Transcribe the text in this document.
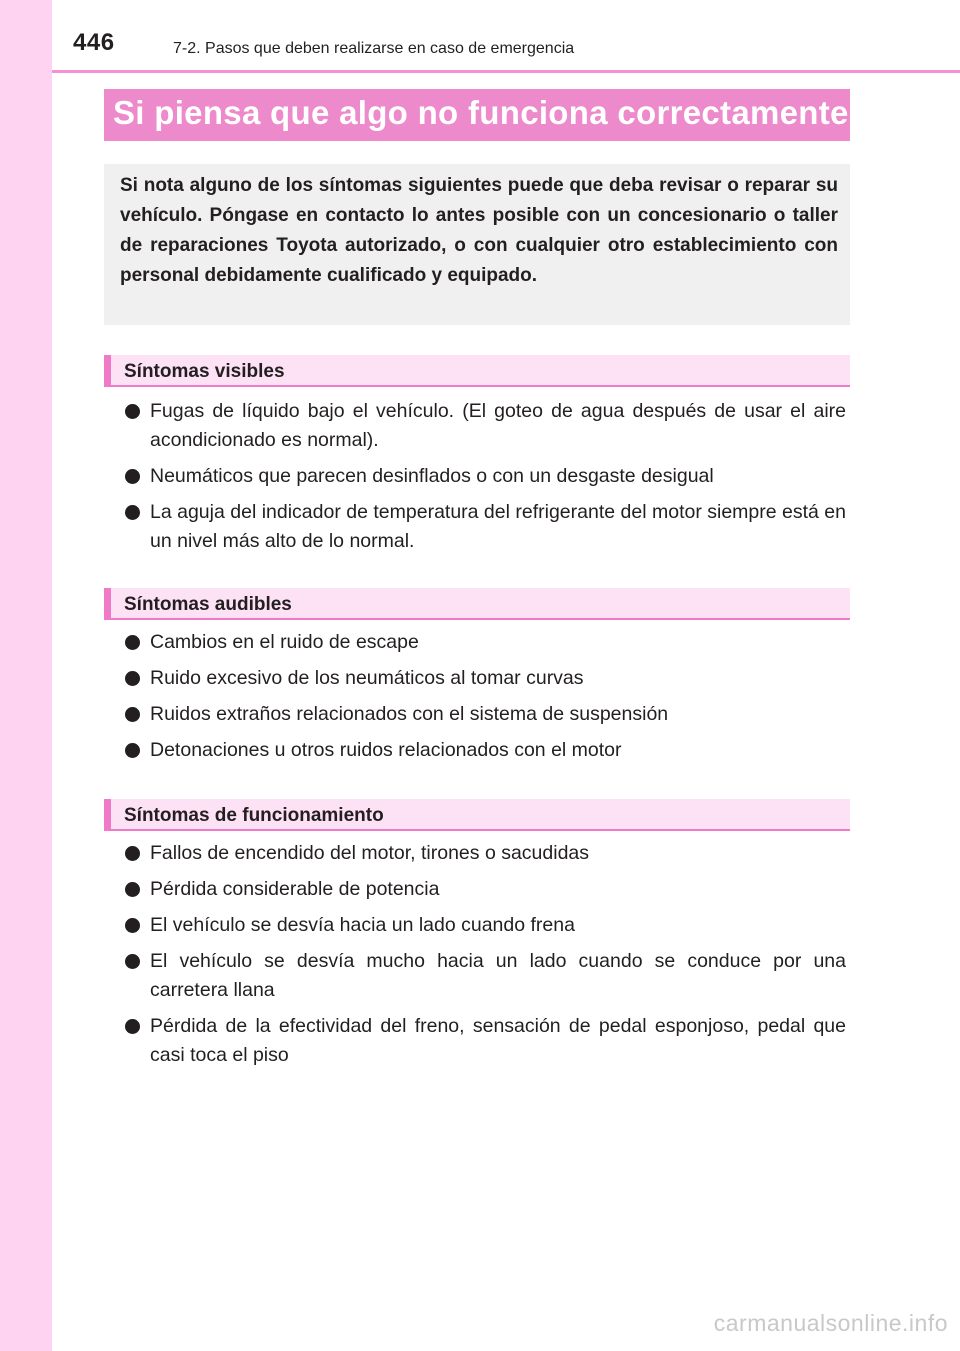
446	7-2. Pasos que deben realizarse en caso de emergencia
Si piensa que algo no funciona correctamente

Si nota alguno de los síntomas siguientes puede que deba revisar o reparar su vehículo. Póngase en contacto lo antes posible con un concesionario o taller de reparaciones Toyota autorizado, o con cualquier otro establecimiento con personal debidamente cualificado y equipado.

Síntomas visibles
Fugas de líquido bajo el vehículo. (El goteo de agua después de usar el aire acondicionado es normal).
Neumáticos que parecen desinflados o con un desgaste desigual
La aguja del indicador de temperatura del refrigerante del motor siempre está en un nivel más alto de lo normal.
Síntomas audibles
Cambios en el ruido de escape
Ruido excesivo de los neumáticos al tomar curvas
Ruidos extraños relacionados con el sistema de suspensión
Detonaciones u otros ruidos relacionados con el motor
Síntomas de funcionamiento
Fallos de encendido del motor, tirones o sacudidas
Pérdida considerable de potencia
El vehículo se desvía hacia un lado cuando frena
El vehículo se desvía mucho hacia un lado cuando se conduce por una carretera llana
Pérdida de la efectividad del freno, sensación de pedal esponjoso, pedal que casi toca el piso
carmanualsonline.info
